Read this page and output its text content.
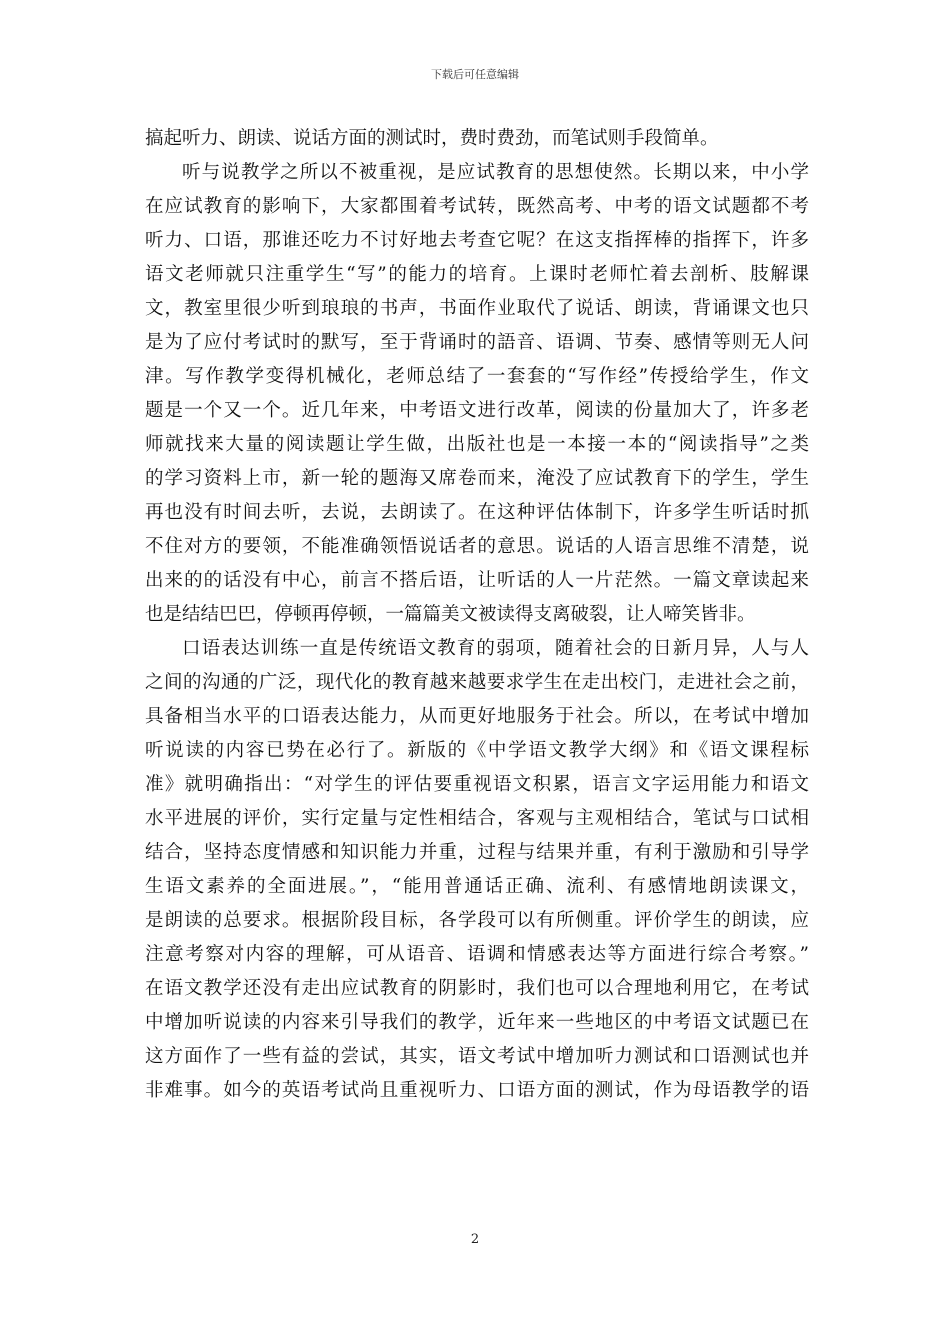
下载后可任意编辑
搞起听力、朗读、说话方面的测试时，费时费劲，而笔试则手段简单。
听与说教学之所以不被重视，是应试教育的思想使然。长期以来，中小学
在应试教育的影响下，大家都围着考试转，既然高考、中考的语文试题都不考
听力、口语，那谁还吃力不讨好地去考查它呢？在这支指挥棒的指挥下，许多
语文老师就只注重学生“写”的能力的培育。上课时老师忙着去剖析、肢解课
文，教室里很少听到琅琅的书声，书面作业取代了说话、朗读，背诵课文也只
是为了应付考试时的默写，至于背诵时的語音、语调、节奏、感情等则无人问
津。写作教学变得机械化，老师总结了一套套的“写作经”传授给学生，作文
题是一个又一个。近几年来，中考语文进行改革，阅读的份量加大了，许多老
师就找来大量的阅读题让学生做，出版社也是一本接一本的“阅读指导”之类
的学习资料上市，新一轮的题海又席卷而来，淹没了应试教育下的学生，学生
再也没有时间去听，去说，去朗读了。在这种评估体制下，许多学生听话时抓
不住对方的要领，不能准确领悟说话者的意思。说话的人语言思维不清楚，说
出来的的话没有中心，前言不搭后语，让听话的人一片茫然。一篇文章读起来
也是结结巴巴，停顿再停顿，一篇篇美文被读得支离破裂，让人啼笑皆非。
口语表达训练一直是传统语文教育的弱项，随着社会的日新月异，人与人
之间的沟通的广泛，现代化的教育越来越要求学生在走出校门，走进社会之前，
具备相当水平的口语表达能力，从而更好地服务于社会。所以，在考试中增加
听说读的内容已势在必行了。新版的《中学语文教学大纲》和《语文课程标
准》就明确指出：“对学生的评估要重视语文积累，语言文字运用能力和语文
水平进展的评价，实行定量与定性相结合，客观与主观相结合，笔试与口试相
结合，坚持态度情感和知识能力并重，过程与结果并重，有利于激励和引导学
生语文素养的全面进展。”，“能用普通话正确、流利、有感情地朗读课文，
是朗读的总要求。根据阶段目标，各学段可以有所侧重。评价学生的朗读，应
注意考察对内容的理解，可从语音、语调和情感表达等方面进行综合考察。”
在语文教学还没有走出应试教育的阴影时，我们也可以合理地利用它，在考试
中增加听说读的内容来引导我们的教学，近年来一些地区的中考语文试题已在
这方面作了一些有益的尝试，其实，语文考试中增加听力测试和口语测试也并
非难事。如今的英语考试尚且重视听力、口语方面的测试，作为母语教学的语
2
